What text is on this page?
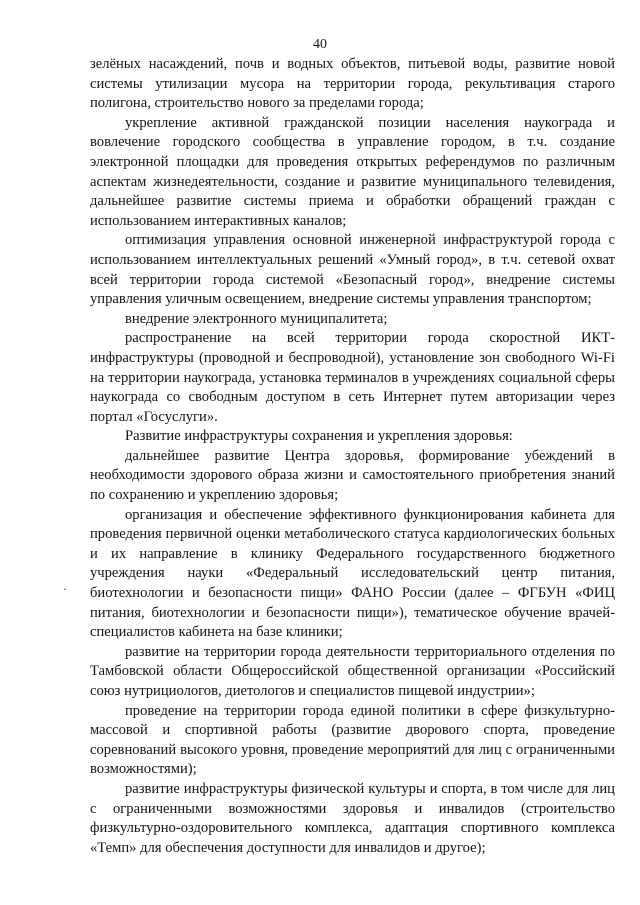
40
·

зелёных насаждений, почв и водных объектов, питьевой воды, развитие новой системы утилизации мусора на территории города, рекультивация старого полигона, строительство нового за пределами города;

укрепление активной гражданской позиции населения наукограда и вовлечение городского сообщества в управление городом, в т.ч. создание электронной площадки для проведения открытых референдумов по различным аспектам жизнедеятельности, создание и развитие муниципального телевидения, дальнейшее развитие системы приема и обработки обращений граждан с использованием интерактивных каналов;

оптимизация управления основной инженерной инфраструктурой города с использованием интеллектуальных решений «Умный город», в т.ч. сетевой охват всей территории города системой «Безопасный город», внедрение системы управления уличным освещением, внедрение системы управления транспортом;

внедрение электронного муниципалитета;

распространение на всей территории города скоростной ИКТ-инфраструктуры (проводной и беспроводной), установление зон свободного Wi-Fi на территории наукограда, установка терминалов в учреждениях социальной сферы наукограда со свободным доступом в сеть Интернет путем авторизации через портал «Госуслуги».

Развитие инфраструктуры сохранения и укрепления здоровья:

дальнейшее развитие Центра здоровья, формирование убеждений в необходимости здорового образа жизни и самостоятельного приобретения знаний по сохранению и укреплению здоровья;

организация и обеспечение эффективного функционирования кабинета для проведения первичной оценки метаболического статуса кардиологических больных и их направление в клинику Федерального государственного бюджетного учреждения науки «Федеральный исследовательский центр питания, биотехнологии и безопасности пищи» ФАНО России (далее – ФГБУН «ФИЦ питания, биотехнологии и безопасности пищи»), тематическое обучение врачей-специалистов кабинета на базе клиники;

развитие на территории города деятельности территориального отделения по Тамбовской области Общероссийской общественной организации «Российский союз нутрициологов, диетологов и специалистов пищевой индустрии»;

проведение на территории города единой политики в сфере физкультурно-массовой и спортивной работы (развитие дворового спорта, проведение соревнований высокого уровня, проведение мероприятий для лиц с ограниченными возможностями);

развитие инфраструктуры физической культуры и спорта, в том числе для лиц с ограниченными возможностями здоровья и инвалидов (строительство физкультурно-оздоровительного комплекса, адаптация спортивного комплекса «Темп» для обеспечения доступности для инвалидов и другое);
